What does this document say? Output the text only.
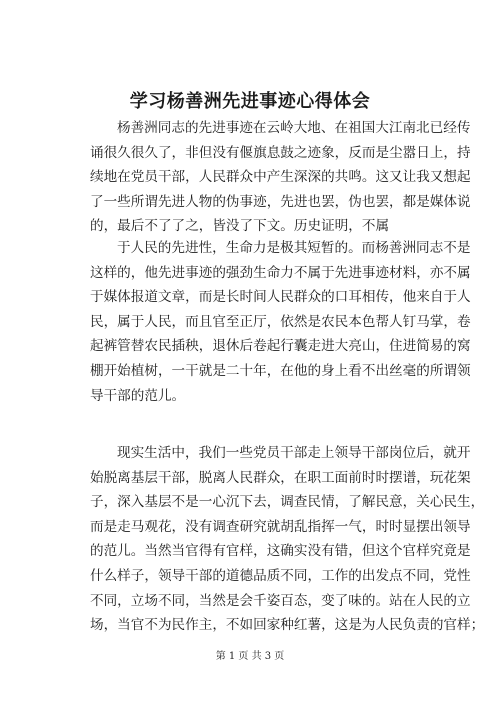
学习杨善洲先进事迹心得体会
杨善洲同志的先进事迹在云岭大地、在祖国大江南北已经传
诵很久很久了，非但没有偃旗息鼓之迹象，反而是尘嚣日上，持
续地在党员干部，人民群众中产生深深的共鸣。这又让我又想起
了一些所谓先进人物的伪事迹，先进也罢，伪也罢，都是媒体说
的，最后不了了之，皆没了下文。历史证明，不属
于人民的先进性，生命力是极其短暂的。而杨善洲同志不是
这样的，他先进事迹的强劲生命力不属于先进事迹材料，亦不属
于媒体报道文章，而是长时间人民群众的口耳相传，他来自于人
民，属于人民，而且官至正厅，依然是农民本色帮人钉马掌，卷
起裤管替农民插秧，退休后卷起行囊走进大亮山，住进简易的窝
棚开始植树，一干就是二十年，在他的身上看不出丝毫的所谓领
导干部的范儿。
现实生活中，我们一些党员干部走上领导干部岗位后，就开
始脱离基层干部，脱离人民群众，在职工面前时时摆谱，玩花架
子，深入基层不是一心沉下去，调查民情，了解民意，关心民生，
而是走马观花，没有调查研究就胡乱指挥一气，时时显摆出领导
的范儿。当然当官得有官样，这确实没有错，但这个官样究竟是
什么样子，领导干部的道德品质不同，工作的出发点不同，党性
不同，立场不同，当然是会千姿百态，变了味的。站在人民的立
场，当官不为民作主，不如回家种红薯，这是为人民负责的官样；
第 1 页 共 3 页
